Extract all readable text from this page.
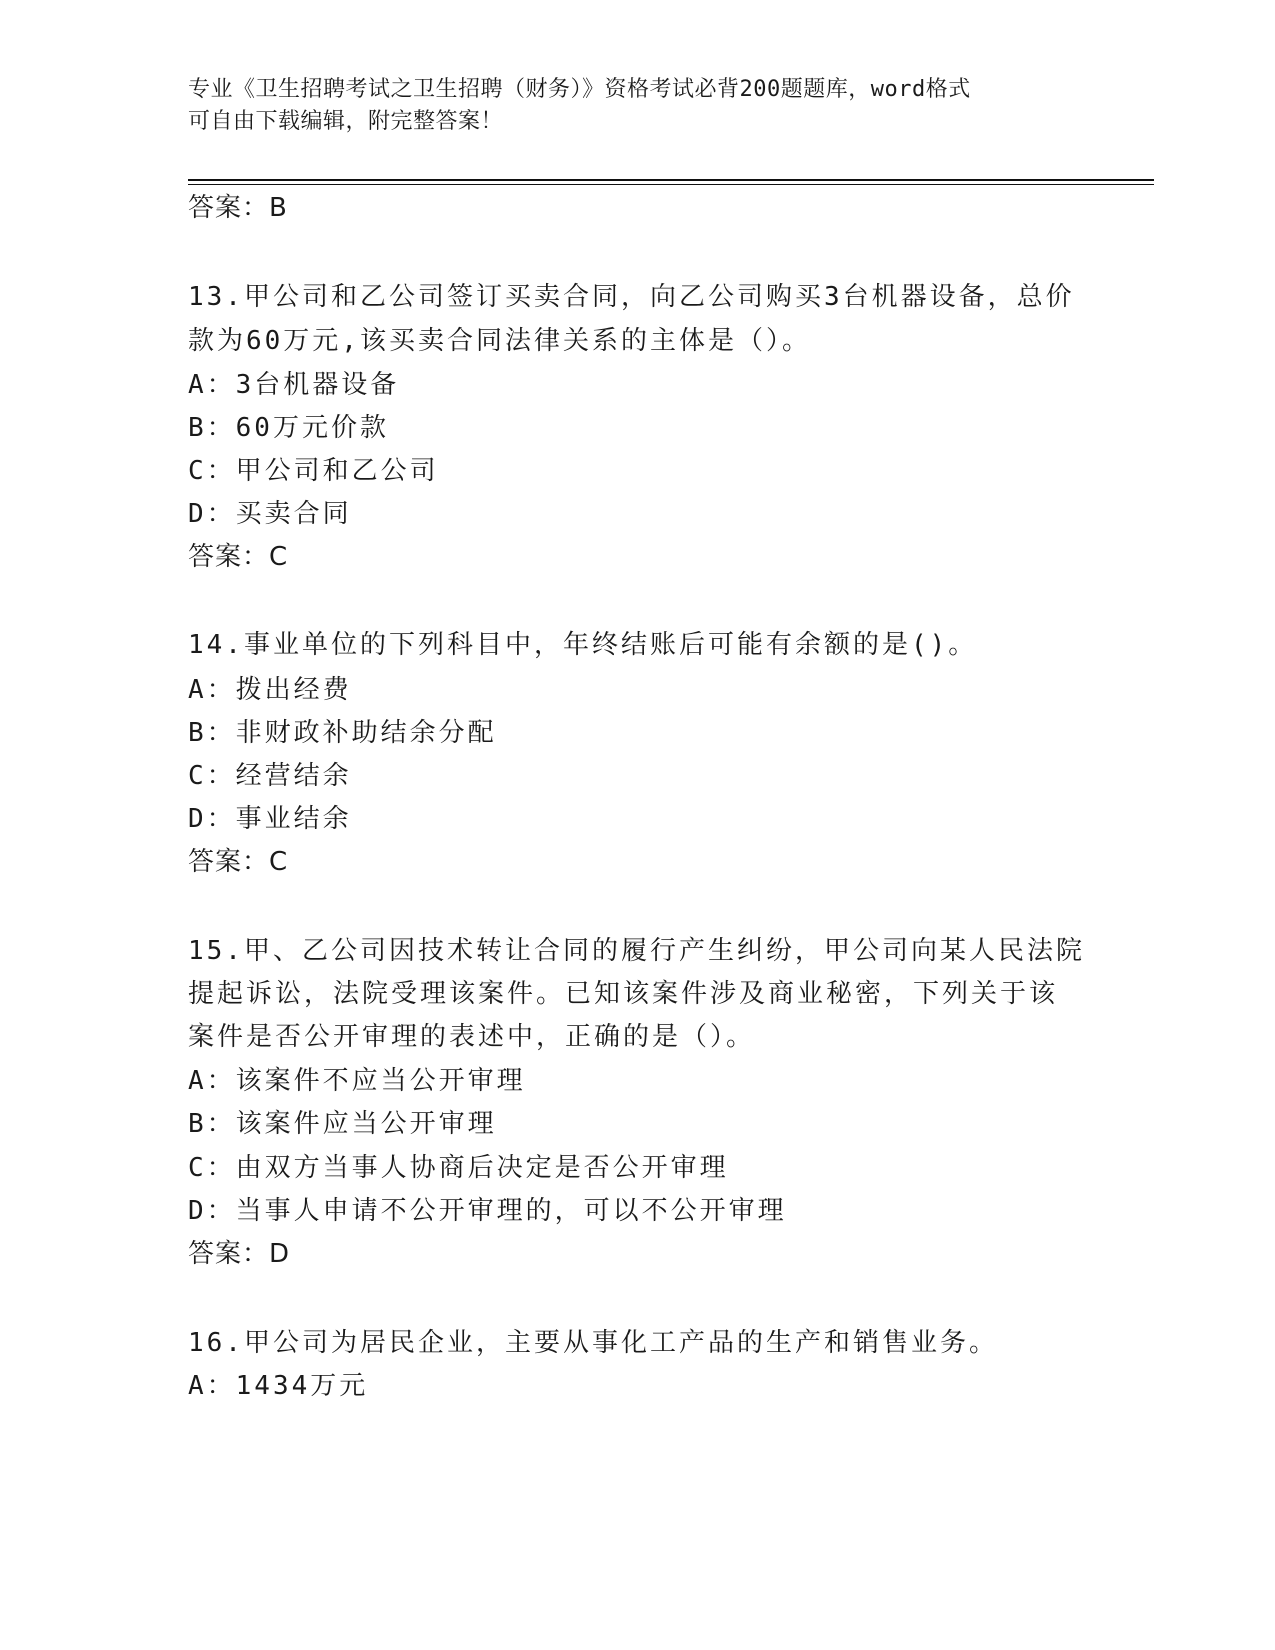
专业《卫生招聘考试之卫生招聘（财务）》资格考试必背200题题库，word格式
可自由下载编辑，附完整答案！
答案：B
13.甲公司和乙公司签订买卖合同，向乙公司购买3台机器设备，总价
款为60万元,该买卖合同法律关系的主体是（）。
A：3台机器设备
B：60万元价款
C：甲公司和乙公司
D：买卖合同
答案：C
14.事业单位的下列科目中，年终结账后可能有余额的是()。
A：拨出经费
B：非财政补助结余分配
C：经营结余
D：事业结余
答案：C
15.甲、乙公司因技术转让合同的履行产生纠纷，甲公司向某人民法院
提起诉讼，法院受理该案件。已知该案件涉及商业秘密，下列关于该
案件是否公开审理的表述中，正确的是（）。
A：该案件不应当公开审理
B：该案件应当公开审理
C：由双方当事人协商后决定是否公开审理
D：当事人申请不公开审理的，可以不公开审理
答案：D
16.甲公司为居民企业，主要从事化工产品的生产和销售业务。
A：1434万元
